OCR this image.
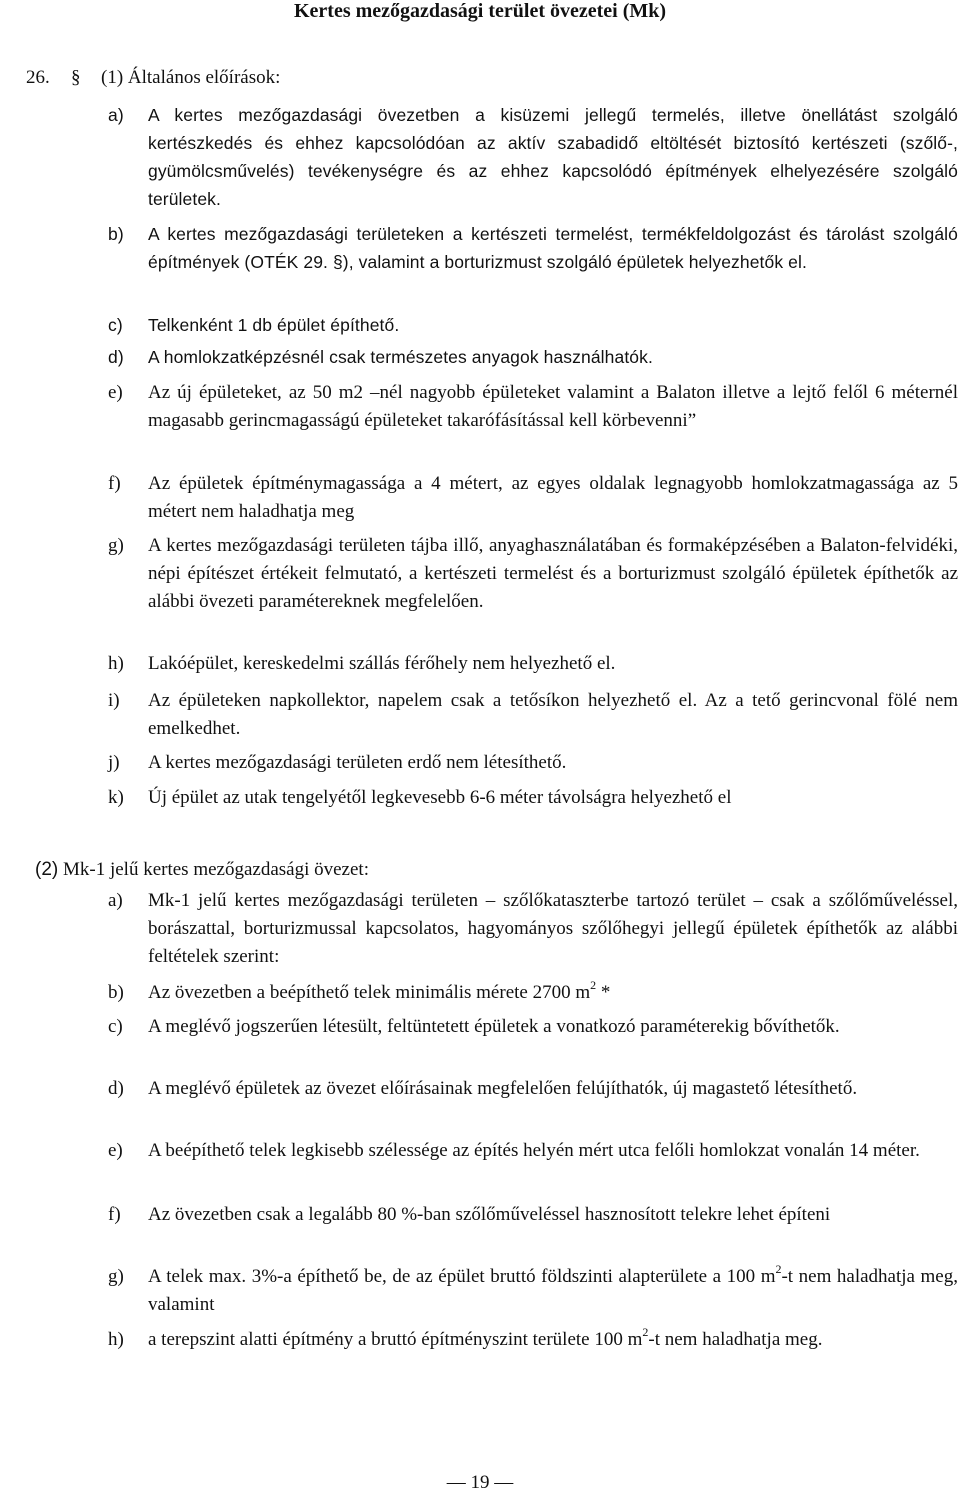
Kertes mezőgazdasági terület övezetei (Mk)
26. § (1) Általános előírások:
a)	A kertes mezőgazdasági övezetben a kisüzemi jellegű termelés, illetve önellátást szolgáló kertészkedés és ehhez kapcsolódóan az aktív szabadidő eltöltését biztosító kertészeti (szőlő-, gyümölcsművelés) tevékenységre és az ehhez kapcsolódó építmények elhelyezésére szolgáló területek.
b)	A kertes mezőgazdasági területeken a kertészeti termelést, termékfeldolgozást és tárolást szolgáló építmények (OTÉK 29. §), valamint a borturizmust szolgáló épületek helyezhetők el.
c)	Telkenként 1 db épület építhető.
d)	A homlokzatképzésnél csak természetes anyagok használhatók.
e)	Az új épületeket, az 50 m2 –nél nagyobb épületeket valamint a Balaton illetve a lejtő felől 6 méternél magasabb gerincmagasságú épületeket takarófásítással kell körbevenni”
f)	Az épületek építménymagassága a 4 métert, az egyes oldalak legnagyobb homlokzatmagassága az 5 métert nem haladhatja meg
g)	A kertes mezőgazdasági területen tájba illő, anyaghasználatában és formaképzésében a Balaton-felvidéki, népi építészet értékeit felmutató, a kertészeti termelést és a borturizmust szolgáló épületek építhetők az alábbi övezeti paramétereknek megfelelően.
h)	Lakóépület, kereskedelmi szállás férőhely nem helyezhető el.
i)	Az épületeken napkollektor, napelem csak a tetősíkon helyezhető el. Az a tető gerincvonal fölé nem emelkedhet.
j)	A kertes mezőgazdasági területen erdő nem létesíthető.
k)	Új épület az utak tengelyétől legkevesebb 6-6 méter távolságra helyezhető el
(2) Mk-1 jelű kertes mezőgazdasági övezet:
a)	Mk-1 jelű kertes mezőgazdasági területen – szőlőkataszterbe tartozó terület – csak a szőlőműveléssel, borászattal, borturizmussal kapcsolatos, hagyományos szőlőhegyi jellegű épületek építhetők az alábbi feltételek szerint:
b)	Az övezetben a beépíthető telek minimális mérete 2700 $m^2$ *
c)	A meglévő jogszerűen létesült, feltüntetett épületek a vonatkozó paraméterekig bővíthetők.
d)	A meglévő épületek az övezet előírásainak megfelelően felújíthatók, új magastető létesíthető.
e)	A beépíthető telek legkisebb szélessége az építés helyén mért utca felőli homlokzat vonalán 14 méter.
f)	Az övezetben csak a legalább 80 %-ban szőlőműveléssel hasznosított telekre lehet építeni
g)	A telek max. 3%-a építhető be, de az épület bruttó földszinti alapterülete a 100 $m^2-t$ nem haladhatja meg, valamint
h)	a terepszint alatti építmény a bruttó építményszint területe 100 $m^2-t$ nem haladhatja meg.
— 19 —
